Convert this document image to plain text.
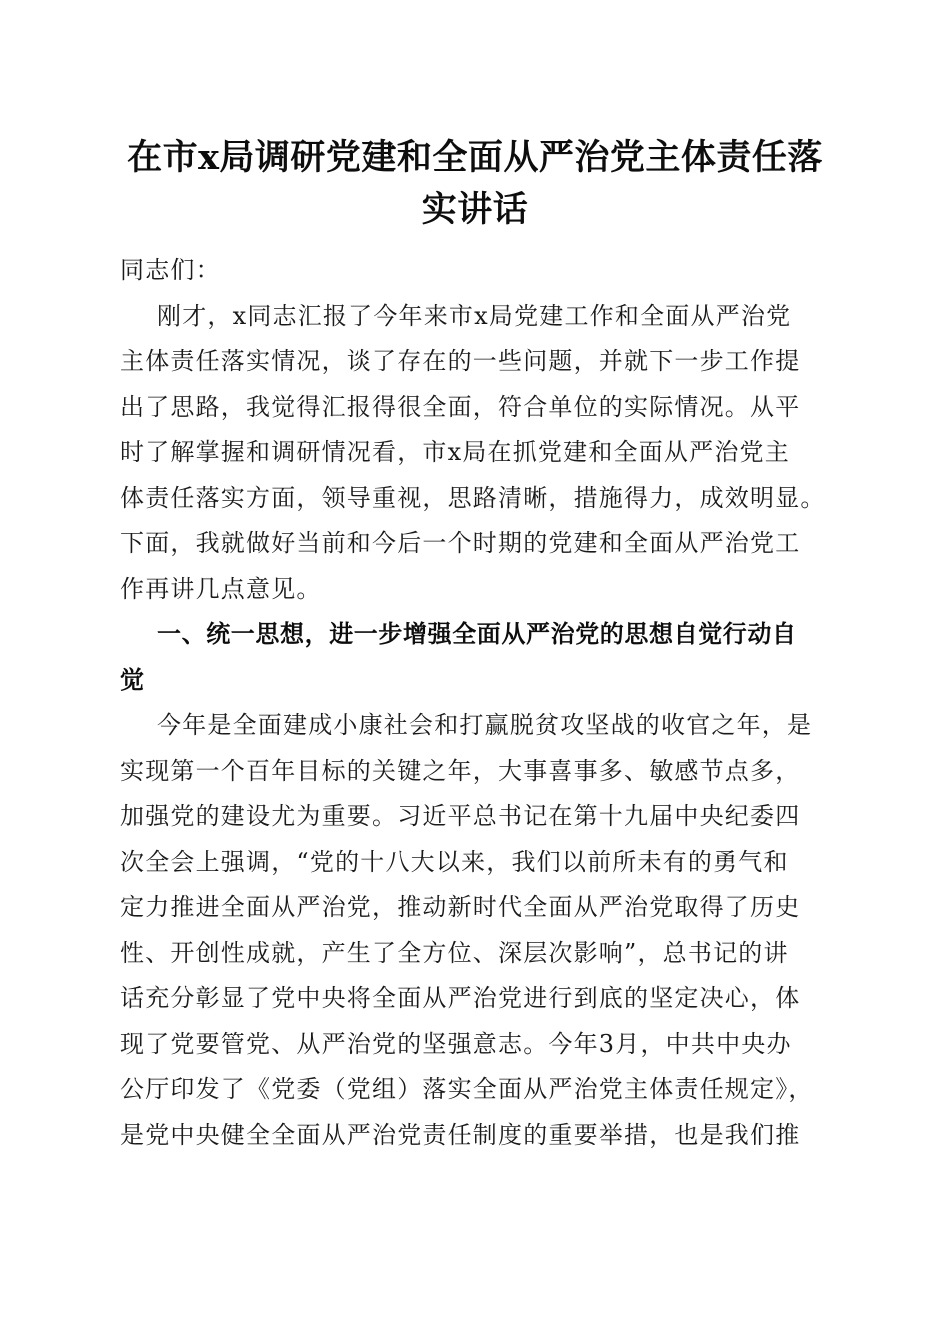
在市x局调研党建和全面从严治党主体责任落
实讲话
同志们：
刚才，x同志汇报了今年来市x局党建工作和全面从严治党
主体责任落实情况，谈了存在的一些问题，并就下一步工作提
出了思路，我觉得汇报得很全面，符合单位的实际情况。从平
时了解掌握和调研情况看，市x局在抓党建和全面从严治党主
体责任落实方面，领导重视，思路清晰，措施得力，成效明显。
下面，我就做好当前和今后一个时期的党建和全面从严治党工
作再讲几点意见。
一、统一思想，进一步增强全面从严治党的思想自觉行动自
觉
今年是全面建成小康社会和打赢脱贫攻坚战的收官之年，是
实现第一个百年目标的关键之年，大事喜事多、敏感节点多，
加强党的建设尤为重要。习近平总书记在第十九届中央纪委四
次全会上强调，“党的十八大以来，我们以前所未有的勇气和
定力推进全面从严治党，推动新时代全面从严治党取得了历史
性、开创性成就，产生了全方位、深层次影响”，总书记的讲
话充分彰显了党中央将全面从严治党进行到底的坚定决心，体
现了党要管党、从严治党的坚强意志。今年3月，中共中央办
公厅印发了《党委（党组）落实全面从严治党主体责任规定》，
是党中央健全全面从严治党责任制度的重要举措，也是我们推
